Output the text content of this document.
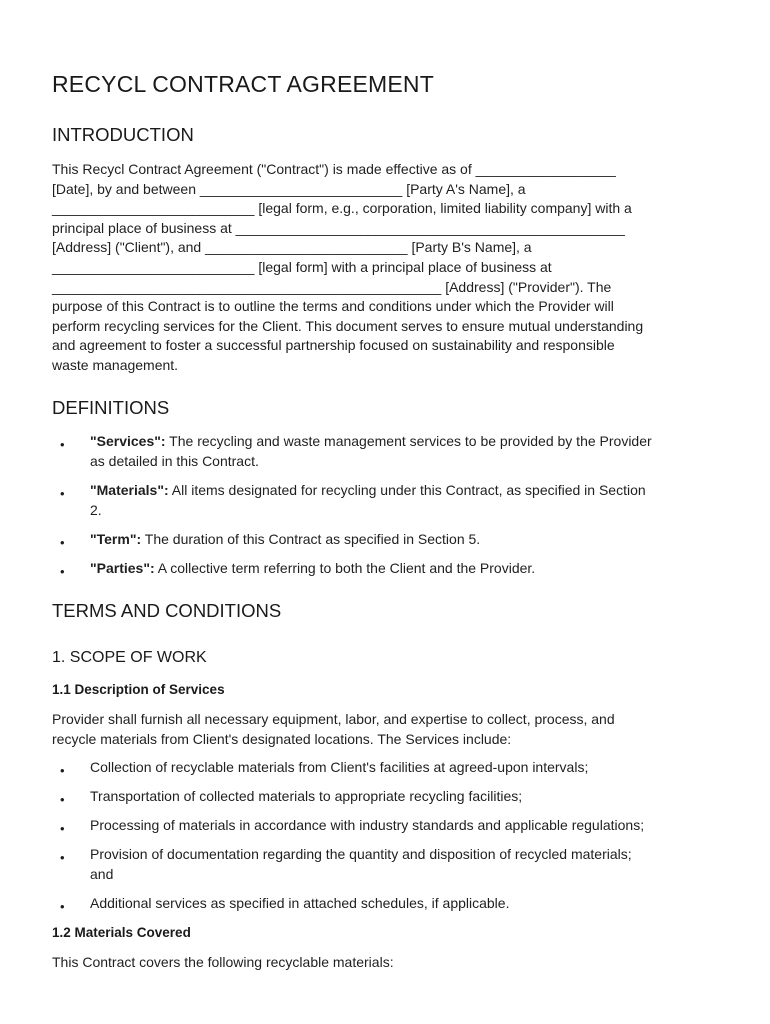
RECYCL CONTRACT AGREEMENT
INTRODUCTION

This Recycl Contract Agreement ("Contract") is made effective as of __________________
[Date], by and between __________________________ [Party A's Name], a
__________________________ [legal form, e.g., corporation, limited liability company] with a
principal place of business at __________________________________________________
[Address] ("Client"), and __________________________ [Party B's Name], a
__________________________ [legal form] with a principal place of business at
__________________________________________________ [Address] ("Provider"). The
purpose of this Contract is to outline the terms and conditions under which the Provider will
perform recycling services for the Client. This document serves to ensure mutual understanding
and agreement to foster a successful partnership focused on sustainability and responsible
waste management.

DEFINITIONS
• "Services": The recycling and waste management services to be provided by the Provider
as detailed in this Contract.
• "Materials": All items designated for recycling under this Contract, as specified in Section
2.
• "Term": The duration of this Contract as specified in Section 5.
• "Parties": A collective term referring to both the Client and the Provider.
TERMS AND CONDITIONS
1. SCOPE OF WORK
1.1 Description of Services

Provider shall furnish all necessary equipment, labor, and expertise to collect, process, and
recycle materials from Client's designated locations. The Services include:

• Collection of recyclable materials from Client's facilities at agreed-upon intervals;
• Transportation of collected materials to appropriate recycling facilities;
• Processing of materials in accordance with industry standards and applicable regulations;
• Provision of documentation regarding the quantity and disposition of recycled materials;
and
• Additional services as specified in attached schedules, if applicable.
1.2 Materials Covered

This Contract covers the following recyclable materials:
